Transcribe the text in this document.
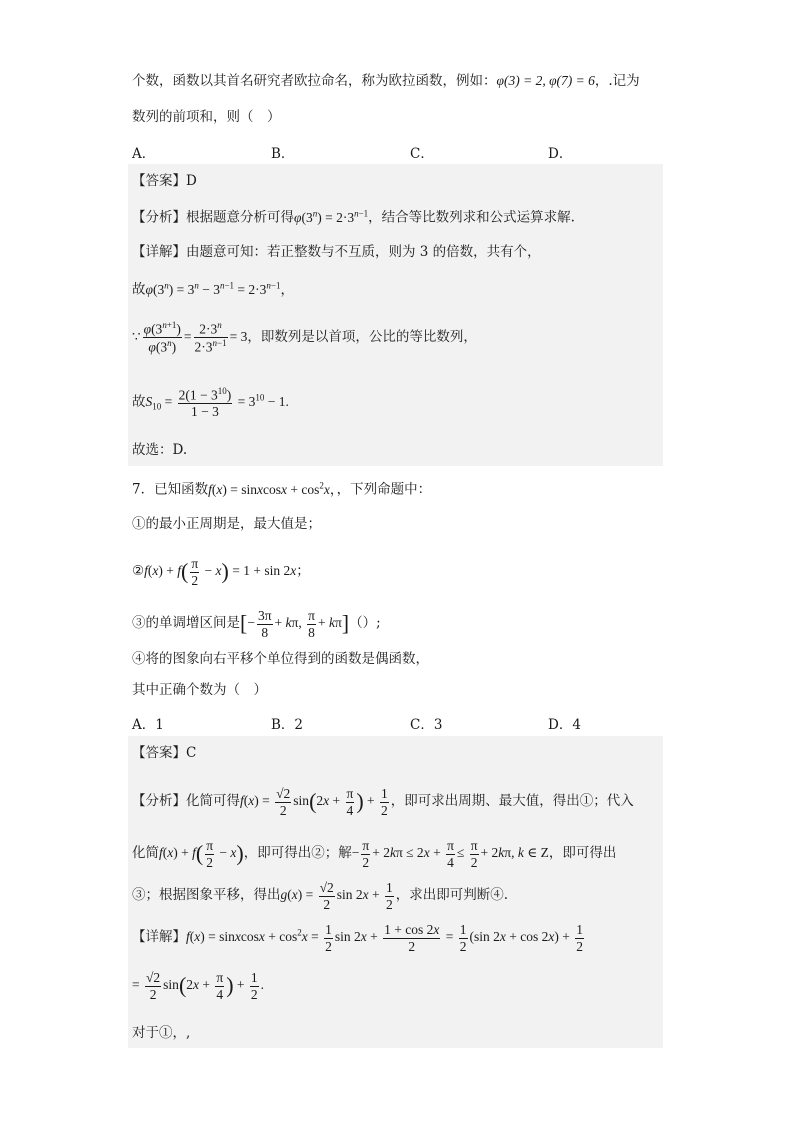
个数，函数以其首名研究者欧拉命名，称为欧拉函数，例如：φ(3) = 2, φ(7) = 6，.记为
数列的前项和，则（　）
A．	B．	C．	D．
【答案】D
【分析】根据题意分析可得$\varphi(3^n) = 2\cdot 3^{n-1}$，结合等比数列求和公式运算求解.
【详解】由题意可知：若正整数与不互质，则为 3 的倍数，共有个，
故$\varphi(3^n) = 3^n - 3^{n-1} = 2\cdot 3^{n-1}$，
∵ $\frac{\varphi(3^{n+1})}{\varphi(3^n)} = \frac{2\cdot 3^n}{2\cdot 3^{n-1}} = 3$，即数列是以首项，公比的等比数列，
故$S_{10} = \frac{2(1 - 3^{10})}{1 - 3} = 3^{10} - 1$.
故选：D.
7．已知函数f(x) = sinxcosx + $\cos^2x$，，下列命题中：
①的最小正周期是，最大值是；
②f(x) + $f( \frac{\pi}{2} - x) = 1 + \sin 2x$；
③的单调增区间是[− $\frac{3\pi}{8} + k\pi$, $\frac{\pi}{8} + k\pi]()$;
④将的图象向右平移个单位得到的函数是偶函数，
其中正确个数为（　）
A．1	B．2	C．3	D．4
【答案】C
【分析】化简可得$f(x) = \frac{√2}{2} \sin(2x + \frac{\pi}{4}$ ) + $\frac{1}{2}$ ，即可求出周期、最大值，得出①；代入
化简$f(x) + f( \frac{\pi}{2} - x)$，即可得出②；解− $\frac{\pi}{2} + 2k\pi \le 2x + \frac{\pi}{4} \le \frac{\pi}{2} + 2k\pi$, k ∈ Z，即可得出
③；根据图象平移，得出$g(x) = \frac{√2}{2}$ $\sin 2x + \frac{1}{2}$ ，求出即可判断④.
【详解】f(x) = sinxcosx + $\cos^2x = \frac{1}{2}$ $\sin 2x + \frac{1 + \cos 2x}{2} = \frac{1}{2} (\sin$ $2x + \cos 2x) + \frac{1}{2}$
= $\frac{√2}{2} \sin(2x + \frac{\pi}{4}$ ) + $\frac{1}{2}$ .
对于①，,
